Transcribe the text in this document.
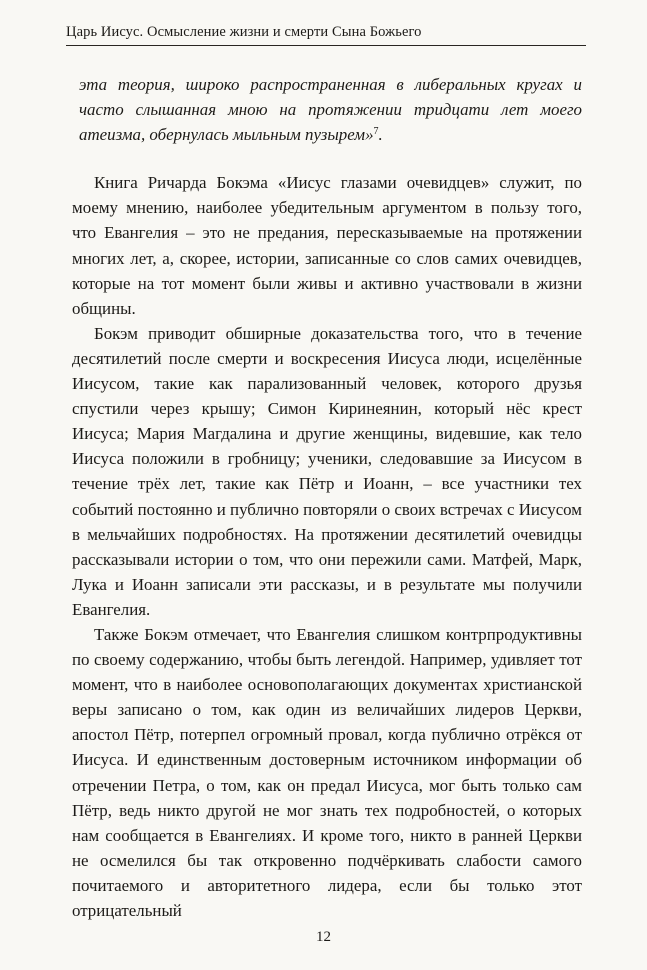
Царь Иисус. Осмысление жизни и смерти Сына Божьего

эта теория, широко распространенная в либеральных кругах и часто слышанная мною на протяжении тридцати лет моего атеизма, обернулась мыльным пузырем»$^7$.

Книга Ричарда Бокэма «Иисус глазами очевидцев» служит, по моему мнению, наиболее убедительным аргументом в пользу того, что Евангелия – это не предания, пересказываемые на протяжении многих лет, а, скорее, истории, записанные со слов самих очевидцев, которые на тот момент были живы и активно участвовали в жизни общины.

Бокэм приводит обширные доказательства того, что в течение десятилетий после смерти и воскресения Иисуса люди, исцелённые Иисусом, такие как парализованный человек, которого друзья спустили через крышу; Симон Киринеянин, который нёс крест Иисуса; Мария Магдалина и другие женщины, видевшие, как тело Иисуса положили в гробницу; ученики, следовавшие за Иисусом в течение трёх лет, такие как Пётр и Иоанн, – все участники тех событий постоянно и публично повторяли о своих встречах с Иисусом в мельчайших подробностях. На протяжении десятилетий очевидцы рассказывали истории о том, что они пережили сами. Матфей, Марк, Лука и Иоанн записали эти рассказы, и в результате мы получили Евангелия.

Также Бокэм отмечает, что Евангелия слишком контрпродуктивны по своему содержанию, чтобы быть легендой. Например, удивляет тот момент, что в наиболее основополагающих документах христианской веры записано о том, как один из величайших лидеров Церкви, апостол Пётр, потерпел огромный провал, когда публично отрёкся от Иисуса. И единственным достоверным источником информации об отречении Петра, о том, как он предал Иисуса, мог быть только сам Пётр, ведь никто другой не мог знать тех подробностей, о которых нам сообщается в Евангелиях. И кроме того, никто в ранней Церкви не осмелился бы так откровенно подчёркивать слабости самого почитаемого и авторитетного лидера, если бы только этот отрицательный

12
